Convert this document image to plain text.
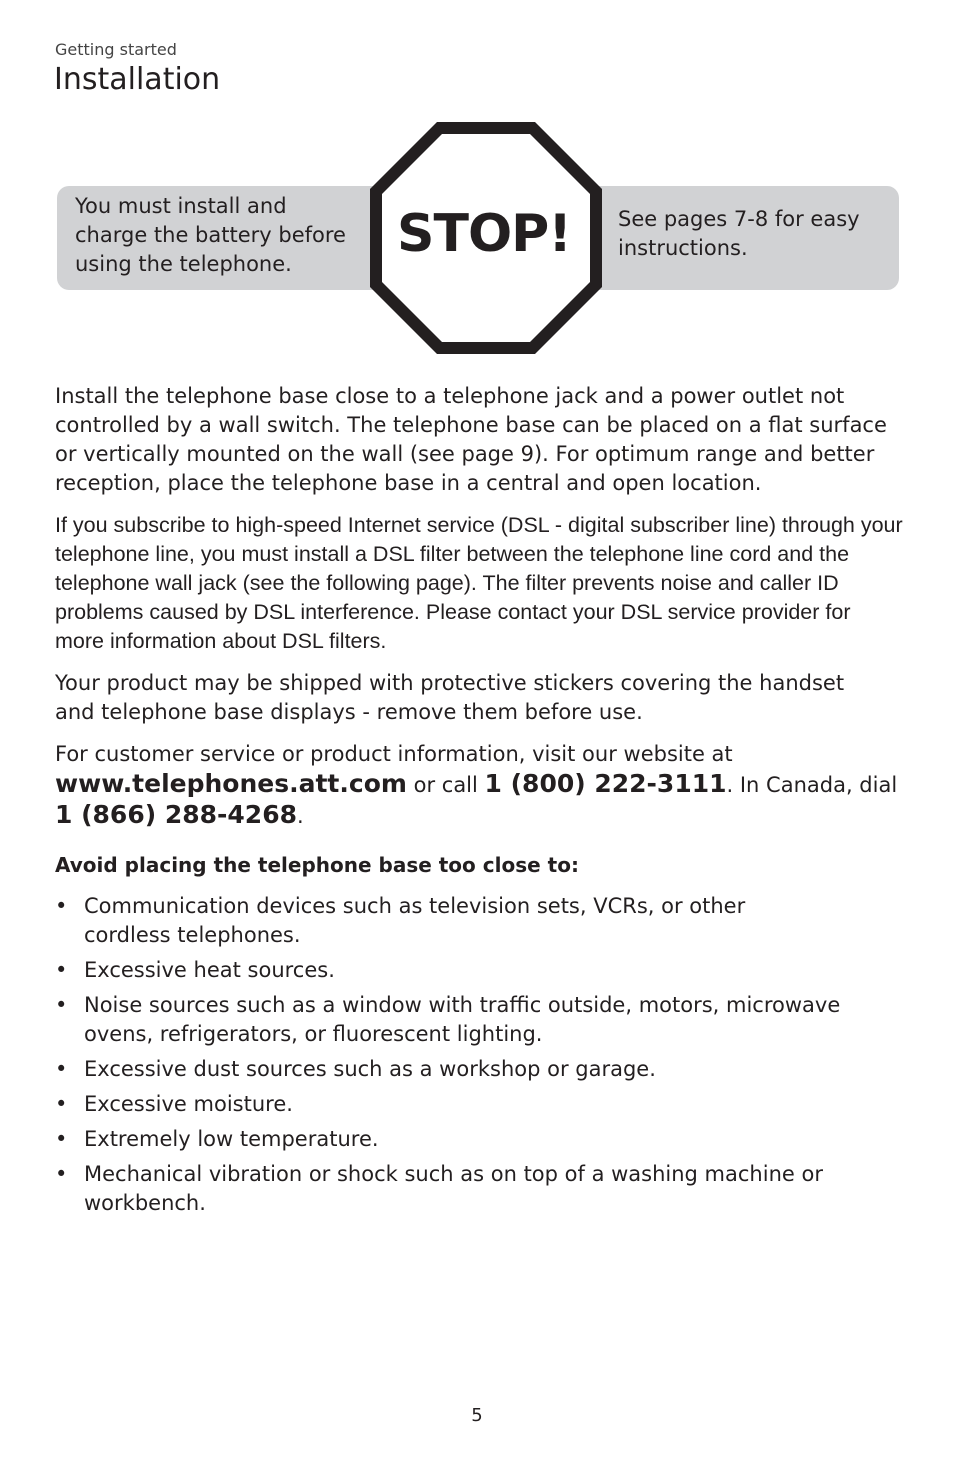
Getting started
Installation
You must install and charge the battery before using the telephone.
See pages 7-8 for easy instructions.
STOP!

Install the telephone base close to a telephone jack and a power outlet not controlled by a wall switch. The telephone base can be placed on a flat surface or vertically mounted on the wall (see page 9). For optimum range and better reception, place the telephone base in a central and open location.

If you subscribe to high-speed Internet service (DSL - digital subscriber line) through your telephone line, you must install a DSL filter between the telephone line cord and the telephone wall jack (see the following page). The filter prevents noise and caller ID problems caused by DSL interference. Please contact your DSL service provider for more information about DSL filters.

Your product may be shipped with protective stickers covering the handset and telephone base displays - remove them before use.

For customer service or product information, visit our website at
www.telephones.att.com or call 1 (800) 222-3111. In Canada, dial 1 (866) 288-4268.

Avoid placing the telephone base too close to:

• Communication devices such as television sets, VCRs, or other cordless telephones.
• Excessive heat sources.
• Noise sources such as a window with traffic outside, motors, microwave ovens, refrigerators, or fluorescent lighting.
• Excessive dust sources such as a workshop or garage.
• Excessive moisture.
• Extremely low temperature.
• Mechanical vibration or shock such as on top of a washing machine or workbench.
5
